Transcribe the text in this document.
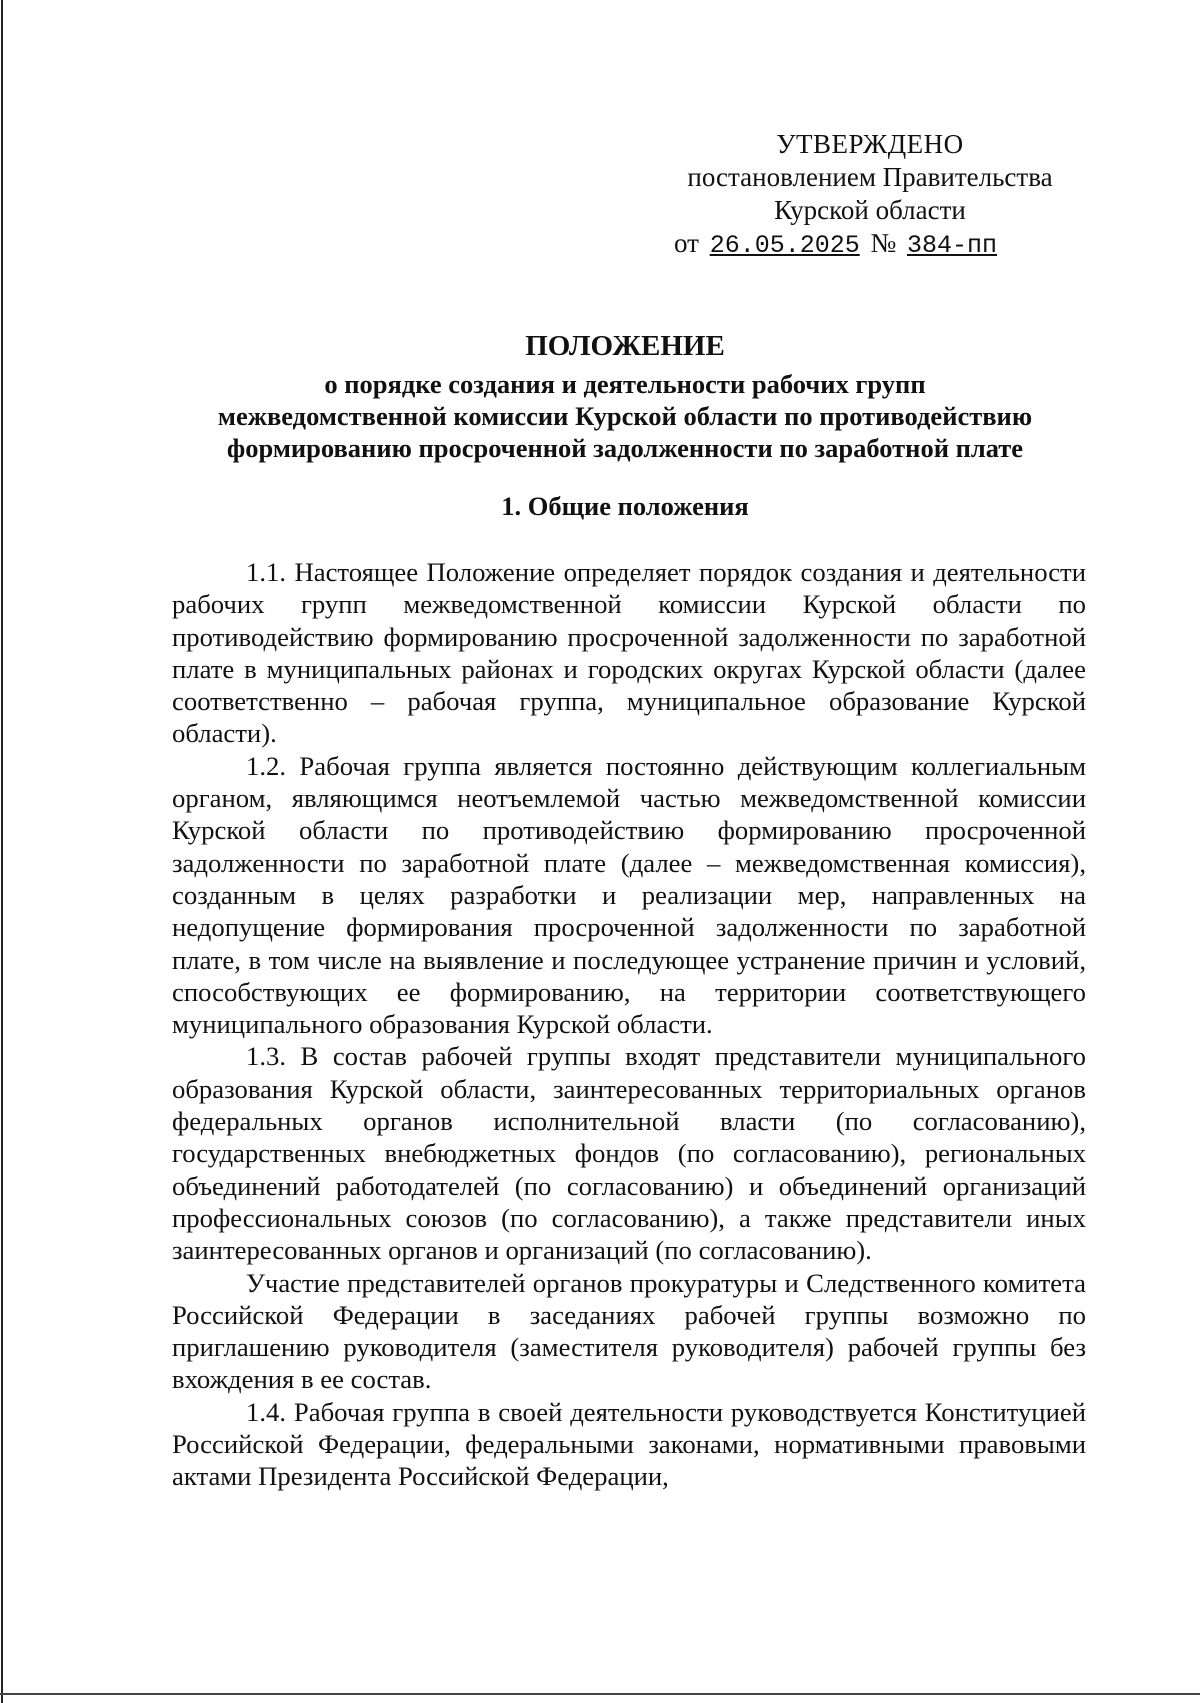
УТВЕРЖДЕНО
постановлением Правительства
Курской области
от 26.05.2025 № 384-пп
ПОЛОЖЕНИЕ

о порядке создания и деятельности рабочих групп
межведомственной комиссии Курской области по противодействию
формированию просроченной задолженности по заработной плате

1. Общие положения

1.1. Настоящее Положение определяет порядок создания и деятельности рабочих групп межведомственной комиссии Курской области по противодействию формированию просроченной задолженности по заработной плате в муниципальных районах и городских округах Курской области (далее соответственно – рабочая группа, муниципальное образование Курской области).

1.2. Рабочая группа является постоянно действующим коллегиальным органом, являющимся неотъемлемой частью межведомственной комиссии Курской области по противодействию формированию просроченной задолженности по заработной плате (далее – межведомственная комиссия), созданным в целях разработки и реализации мер, направленных на недопущение формирования просроченной задолженности по заработной плате, в том числе на выявление и последующее устранение причин и условий, способствующих ее формированию, на территории соответствующего муниципального образования Курской области.

1.3. В состав рабочей группы входят представители муниципального образования Курской области, заинтересованных территориальных органов федеральных органов исполнительной власти (по согласованию), государственных внебюджетных фондов (по согласованию), региональных объединений работодателей (по согласованию) и объединений организаций профессиональных союзов (по согласованию), а также представители иных заинтересованных органов и организаций (по согласованию).

Участие представителей органов прокуратуры и Следственного комитета Российской Федерации в заседаниях рабочей группы возможно по приглашению руководителя (заместителя руководителя) рабочей группы без вхождения в ее состав.

1.4. Рабочая группа в своей деятельности руководствуется Конституцией Российской Федерации, федеральными законами, нормативными правовыми актами Президента Российской Федерации,
